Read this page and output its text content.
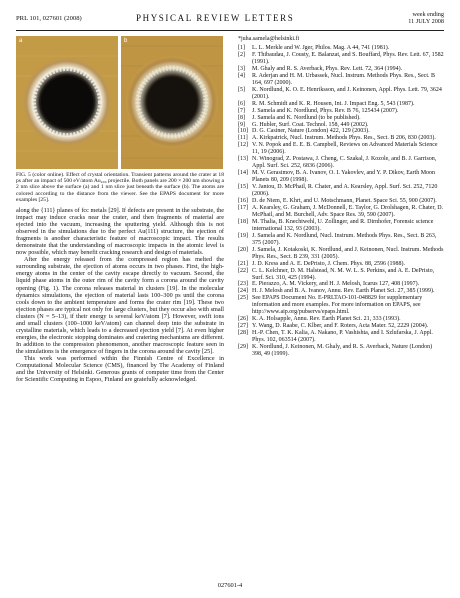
PRL 101, 027601 (2008)	PHYSICAL REVIEW LETTERS	week ending
11 JULY 2008
a	b

FIG. 5 (color online). Effect of crystal orientation. Transient patterns around the crater at 18 ps after an impact of 500 eV/atom Au₄₀₀ projectile. Both panels are 200 × 200 nm showing a 2 nm slice above the surface (a) and 1 nm slice just beneath the surface (b). The atoms are colored according to the distance from the viewer. See the EPAPS document for more examples [25].

along the {111} planes of fcc metals [29]. If defects are present in the substrate, the impact may induce cracks near the crater, and then fragments of material are ejected into the vacuum, increasing the sputtering yield. Although this is not observed in the simulations due to the perfect Au(111) structure, the ejection of fragments is another characteristic feature of macroscopic impact. The results demonstrate that the understanding of macroscopic impacts in the atomic level is now possible, which may benefit cracking research and design of materials.

After the energy released from the compressed region has melted the surrounding substrate, the ejection of atoms occurs in two phases. First, the high-energy atoms in the center of the cavity escape directly to vacuum. Second, the liquid phase atoms in the outer rim of the cavity form a corona around the cavity opening (Fig. 1). The corona releases material in clusters [19]. In the molecular dynamics simulations, the ejection of material lasts 100–300 ps until the corona cools down to the ambient temperature and forms the crater rim [19]. These two ejection phases are typical not only for large clusters, but they occur also with small clusters (N = 5–13), if their energy is several keV/atom [7]. However, swift ions and small clusters (100–1000 keV/atom) can channel deep into the substrate in crystalline materials, which leads to a decreased ejection yield [7]. At even higher energies, the electronic stopping dominates and cratering mechanisms are different. In addition to the compression phenomenon, another macroscopic feature seen in the simulations is the emergence of fingers in the corona around the cavity [25].

This work was performed within the Finnish Centre of Excellence in Computational Molecular Science (CMS), financed by The Academy of Finland and the University of Helsinki. Generous grants of computer time from the Center for Scientific Computing in Espoo, Finland are gratefully acknowledged.

*juha.samela@helsinki.fi
[1] L. L. Merkle and W. Jger, Philos. Mag. A 44, 741 (1981).
[2] F. Thibaudau, J. Cousty, E. Balanzat, and S. Bouffard, Phys. Rev. Lett. 67, 1582 (1991).
[3] M. Ghaly and R. S. Averback, Phys. Rev. Lett. 72, 364 (1994).
[4] R. Aderjan and H. M. Urbassek, Nucl. Instrum. Methods Phys. Res., Sect. B 164, 697 (2000).
[5] K. Nordlund, K. O. E. Henriksson, and J. Keinonen, Appl. Phys. Lett. 79, 3624 (2001).
[6] R. M. Schmidt and K. R. Housen, Int. J. Impact Eng. 5, 543 (1987).
[7] J. Samela and K. Nordlund, Phys. Rev. B 76, 125434 (2007).
[8] J. Samela and K. Nordlund (to be published).
[9] G. Hubler, Surf. Coat. Technol. 158, 449 (2002).
[10] D. G. Casiner, Nature (London) 422, 129 (2003).
[11] A. Kirkpatrick, Nucl. Instrum. Methods Phys. Res., Sect. B 206, 830 (2003).
[12] V. N. Popok and E. E. B. Campbell, Reviews on Advanced Materials Science 11, 19 (2006).
[13] N. Winograd, Z. Postawa, J. Cheng, C. Szakal, J. Kozole, and B. J. Garrison, Appl. Surf. Sci. 252, 6836 (2006).
[14] M. V. Gerasimov, B. A. Ivanov, O. I. Yakovlev, and Y. P. Dikov, Earth Moon Planets 80, 209 (1998).
[15] V. Jantou, D. McPhail, R. Chater, and A. Kearsley, Appl. Surf. Sci. 252, 7120 (2006).
[16] D. de Niem, E. Khrt, and U. Motschmann, Planet. Space Sci. 55, 900 (2007).
[17] A. Kearsley, G. Graham, J. McDonnell, E. Taylor, G. Drolshagen, R. Chater, D. McPhail, and M. Burchell, Adv. Space Res. 39, 590 (2007).
[18] M. Thalia, B. Knechtwehl, U. Zollinger, and R. Dirnhofer, Forensic science international 132, 93 (2003).
[19] J. Samela and K. Nordlund, Nucl. Instrum. Methods Phys. Res., Sect. B 263, 375 (2007).
[20] J. Samela, J. Kotakoski, K. Nordlund, and J. Keinonen, Nucl. Instrum. Methods Phys. Res., Sect. B 239, 331 (2005).
[21] J. D. Kress and A. E. DePristo, J. Chem. Phys. 88, 2596 (1988).
[22] C. L. Kelchner, D. M. Halstead, N. M. W. L. S. Perkins, and A. E. DePristo, Surf. Sci. 310, 425 (1994).
[23] E. Pierazzo, A. M. Vickery, and H. J. Melosh, Icarus 127, 408 (1997).
[24] H. J. Melosh and B. A. Ivanov, Annu. Rev. Earth Planet Sci. 27, 385 (1999).
[25] See EPAPS Document No. E-PRLTAO-101-048829 for supplementary information and more examples. For more information on EPAPS, see http://www.aip.org/pubservs/epaps.html.
[26] K. A. Holsapple, Annu. Rev. Earth Planet Sci. 21, 333 (1993).
[27] Y. Wang, D. Raabe, C. Klber, and F. Roters, Acta Mater. 52, 2229 (2004).
[28] H.-P. Chen, T. K. Kalia, A. Nakano, P. Vashishta, and I. Szlufarska, J. Appl. Phys. 102, 063514 (2007).
[29] K. Nordlund, J. Keinonen, M. Ghaly, and R. S. Averback, Nature (London) 398, 49 (1999).
027601-4
